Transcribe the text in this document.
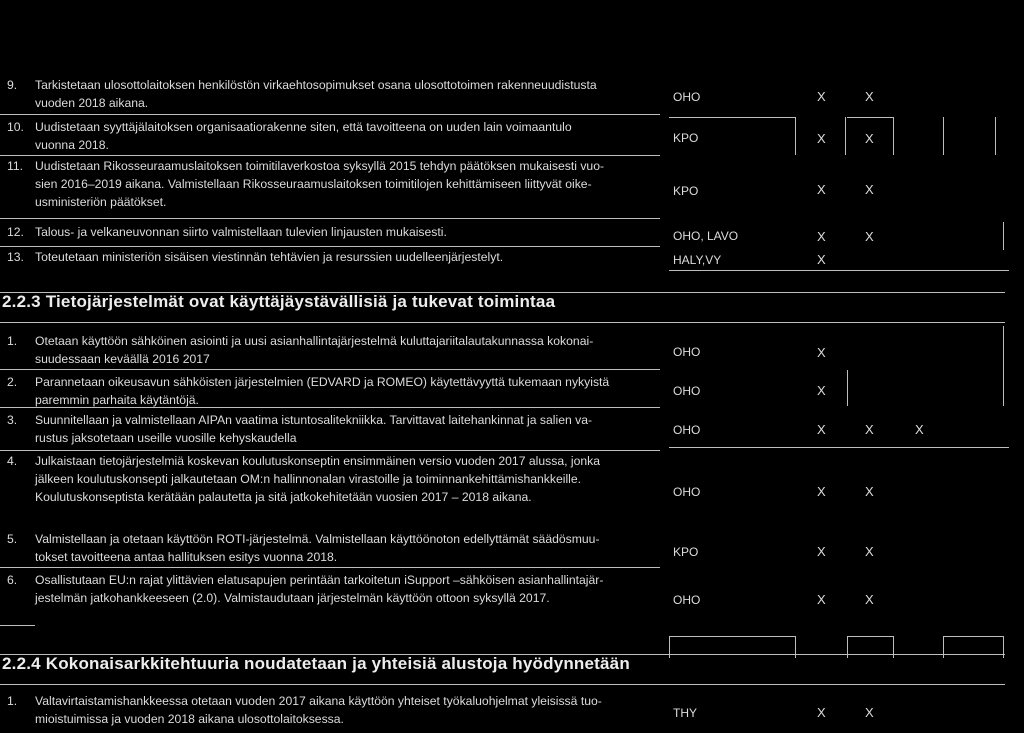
9. Tarkistetaan ulosottolaitoksen henkilöstön virkaehtosopimukset osana ulosottotoimen rakenneuudistusta
vuoden 2018 aikana.	OHO	X	X
10. Uudistetaan syyttäjälaitoksen organisaatiorakenne siten, että tavoitteena on uuden lain voimaantulo
vuonna 2018.	KPO	X	X
11. Uudistetaan Rikosseuraamuslaitoksen toimitilaverkostoa syksyllä 2015 tehdyn päätöksen mukaisesti vuo-
sien 2016–2019 aikana. Valmistellaan Rikosseuraamuslaitoksen toimitilojen kehittämiseen liittyvät oike-
usministeriön päätökset.
KPO	X	X
12. Talous- ja velkaneuvonnan siirto valmistellaan tulevien linjausten mukaisesti.	OHO, LAVO	X	X
13. Toteutetaan ministeriön sisäisen viestinnän tehtävien ja resurssien uudelleenjärjestelyt.	HALY,VY	X
2.2.3 Tietojärjestelmät ovat käyttäjäystävällisiä ja tukevat toimintaa
1. Otetaan käyttöön sähköinen asiointi ja uusi asianhallintajärjestelmä kuluttajariitalautakunnassa kokonai-
suudessaan keväällä 2016 2017	OHO	X
2. Parannetaan oikeusavun sähköisten järjestelmien (EDVARD ja ROMEO) käytettävyyttä tukemaan nykyistä
paremmin parhaita käytäntöjä.
OHO	X
3. Suunnitellaan ja valmistellaan AIPAn vaatima istuntosalitekniikka. Tarvittavat laitehankinnat ja salien va-
rustus jaksotetaan useille vuosille kehyskaudella
OHO	X	X	X
4. Julkaistaan tietojärjestelmiä koskevan koulutuskonseptin ensimmäinen versio vuoden 2017 alussa, jonka
jälkeen koulutuskonsepti jalkautetaan OM:n hallinnonalan virastoille ja toiminnankehittämishankkeille.
Koulutuskonseptista kerätään palautetta ja sitä jatkokehitetään vuosien 2017 – 2018 aikana.	OHO	X	X
5. Valmistellaan ja otetaan käyttöön ROTI-järjestelmä. Valmistellaan käyttöönoton edellyttämät säädösmuu-
tokset tavoitteena antaa hallituksen esitys vuonna 2018.	KPO	X	X
6. Osallistutaan EU:n rajat ylittävien elatusapujen perintään tarkoitetun iSupport –sähköisen asianhallintajär-
jestelmän jatkohankkeeseen (2.0). Valmistaudutaan järjestelmän käyttöön ottoon syksyllä 2017.	OHO	X	X
2.2.4 Kokonaisarkkitehtuuria noudatetaan ja yhteisiä alustoja hyödynnetään
1. Valtavirtaistamishankkeessa otetaan vuoden 2017 aikana käyttöön yhteiset työkaluohjelmat yleisissä tuo-
mioistuimissa ja vuoden 2018 aikana ulosottolaitoksessa.	THY	X	X
